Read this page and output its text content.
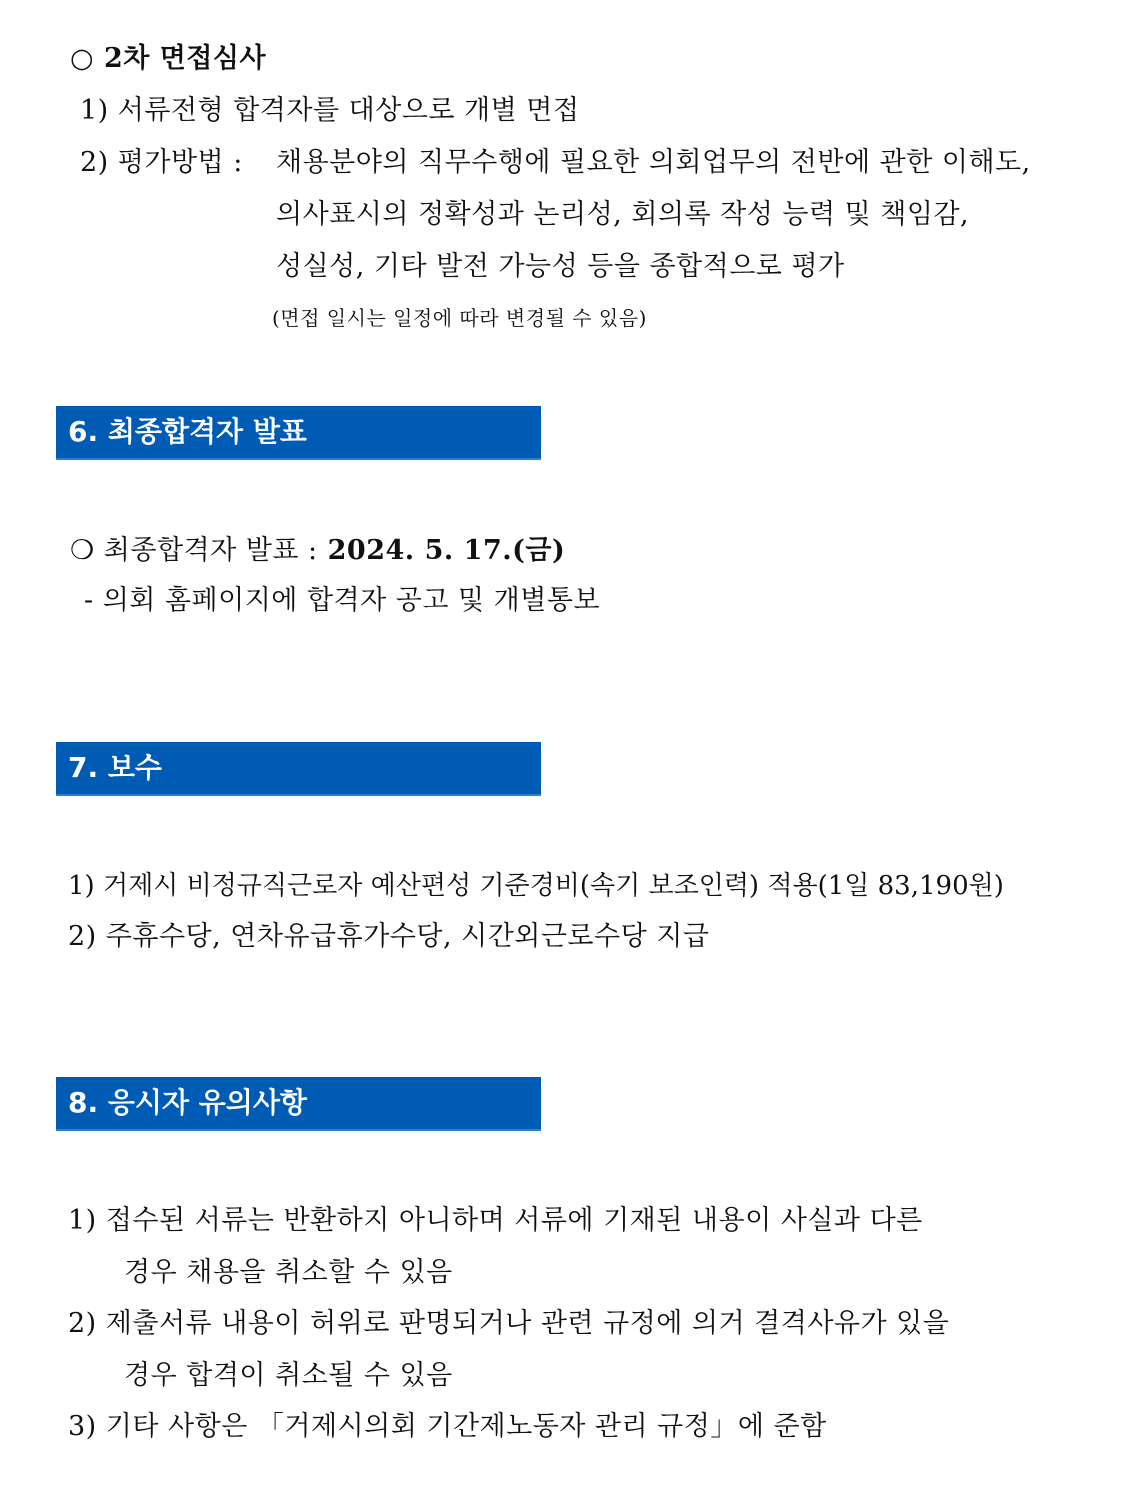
○ 2차 면접심사
1) 서류전형 합격자를 대상으로 개별 면접
2) 평가방법 : 채용분야의 직무수행에 필요한 의회업무의 전반에 관한 이해도,
의사표시의 정확성과 논리성, 회의록 작성 능력 및 책임감,
성실성, 기타 발전 가능성 등을 종합적으로 평가
(면접 일시는 일정에 따라 변경될 수 있음)
6. 최종합격자 발표
❍ 최종합격자 발표 : 2024. 5. 17.(금)
- 의회 홈페이지에 합격자 공고 및 개별통보
7. 보수
1) 거제시 비정규직근로자 예산편성 기준경비(속기 보조인력) 적용(1일 83,190원)
2) 주휴수당, 연차유급휴가수당, 시간외근로수당 지급
8. 응시자 유의사항
1) 접수된 서류는 반환하지 아니하며 서류에 기재된 내용이 사실과 다른
경우 채용을 취소할 수 있음
2) 제출서류 내용이 허위로 판명되거나 관련 규정에 의거 결격사유가 있을
경우 합격이 취소될 수 있음
3) 기타 사항은 「거제시의회 기간제노동자 관리 규정」에 준함
